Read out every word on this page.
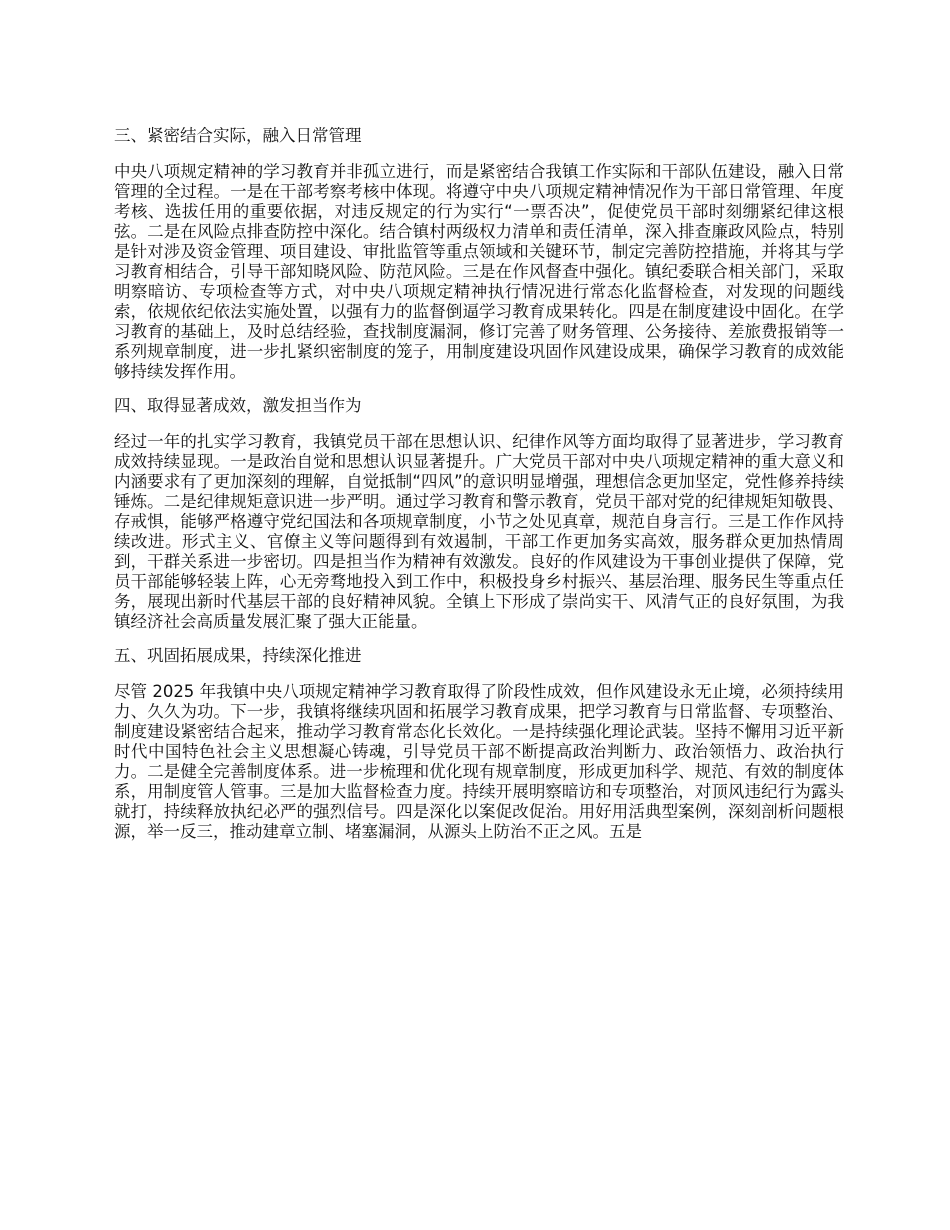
三、紧密结合实际，融入日常管理
中央八项规定精神的学习教育并非孤立进行，而是紧密结合我镇工作实际和干部队伍建设，融入日常管理的全过程。一是在干部考察考核中体现。将遵守中央八项规定精神情况作为干部日常管理、年度考核、选拔任用的重要依据，对违反规定的行为实行“一票否决”，促使党员干部时刻绷紧纪律这根弦。二是在风险点排查防控中深化。结合镇村两级权力清单和责任清单，深入排查廉政风险点，特别是针对涉及资金管理、项目建设、审批监管等重点领域和关键环节，制定完善防控措施，并将其与学习教育相结合，引导干部知晓风险、防范风险。三是在作风督查中强化。镇纪委联合相关部门，采取明察暗访、专项检查等方式，对中央八项规定精神执行情况进行常态化监督检查，对发现的问题线索，依规依纪依法实施处置，以强有力的监督倒逼学习教育成果转化。四是在制度建设中固化。在学习教育的基础上，及时总结经验，查找制度漏洞，修订完善了财务管理、公务接待、差旅费报销等一系列规章制度，进一步扎紧织密制度的笼子，用制度建设巩固作风建设成果，确保学习教育的成效能够持续发挥作用。
四、取得显著成效，激发担当作为
经过一年的扎实学习教育，我镇党员干部在思想认识、纪律作风等方面均取得了显著进步，学习教育成效持续显现。一是政治自觉和思想认识显著提升。广大党员干部对中央八项规定精神的重大意义和内涵要求有了更加深刻的理解，自觉抵制“四风”的意识明显增强，理想信念更加坚定，党性修养持续锤炼。二是纪律规矩意识进一步严明。通过学习教育和警示教育，党员干部对党的纪律规矩知敬畏、存戒惧，能够严格遵守党纪国法和各项规章制度，小节之处见真章，规范自身言行。三是工作作风持续改进。形式主义、官僚主义等问题得到有效遏制，干部工作更加务实高效，服务群众更加热情周到，干群关系进一步密切。四是担当作为精神有效激发。良好的作风建设为干事创业提供了保障，党员干部能够轻装上阵，心无旁骛地投入到工作中，积极投身乡村振兴、基层治理、服务民生等重点任务，展现出新时代基层干部的良好精神风貌。全镇上下形成了崇尚实干、风清气正的良好氛围，为我镇经济社会高质量发展汇聚了强大正能量。
五、巩固拓展成果，持续深化推进
尽管 2025 年我镇中央八项规定精神学习教育取得了阶段性成效，但作风建设永无止境，必须持续用力、久久为功。下一步，我镇将继续巩固和拓展学习教育成果，把学习教育与日常监督、专项整治、制度建设紧密结合起来，推动学习教育常态化长效化。一是持续强化理论武装。坚持不懈用习近平新时代中国特色社会主义思想凝心铸魂，引导党员干部不断提高政治判断力、政治领悟力、政治执行力。二是健全完善制度体系。进一步梳理和优化现有规章制度，形成更加科学、规范、有效的制度体系，用制度管人管事。三是加大监督检查力度。持续开展明察暗访和专项整治，对顶风违纪行为露头就打，持续释放执纪必严的强烈信号。四是深化以案促改促治。用好用活典型案例，深刻剖析问题根源，举一反三，推动建章立制、堵塞漏洞，从源头上防治不正之风。五是
